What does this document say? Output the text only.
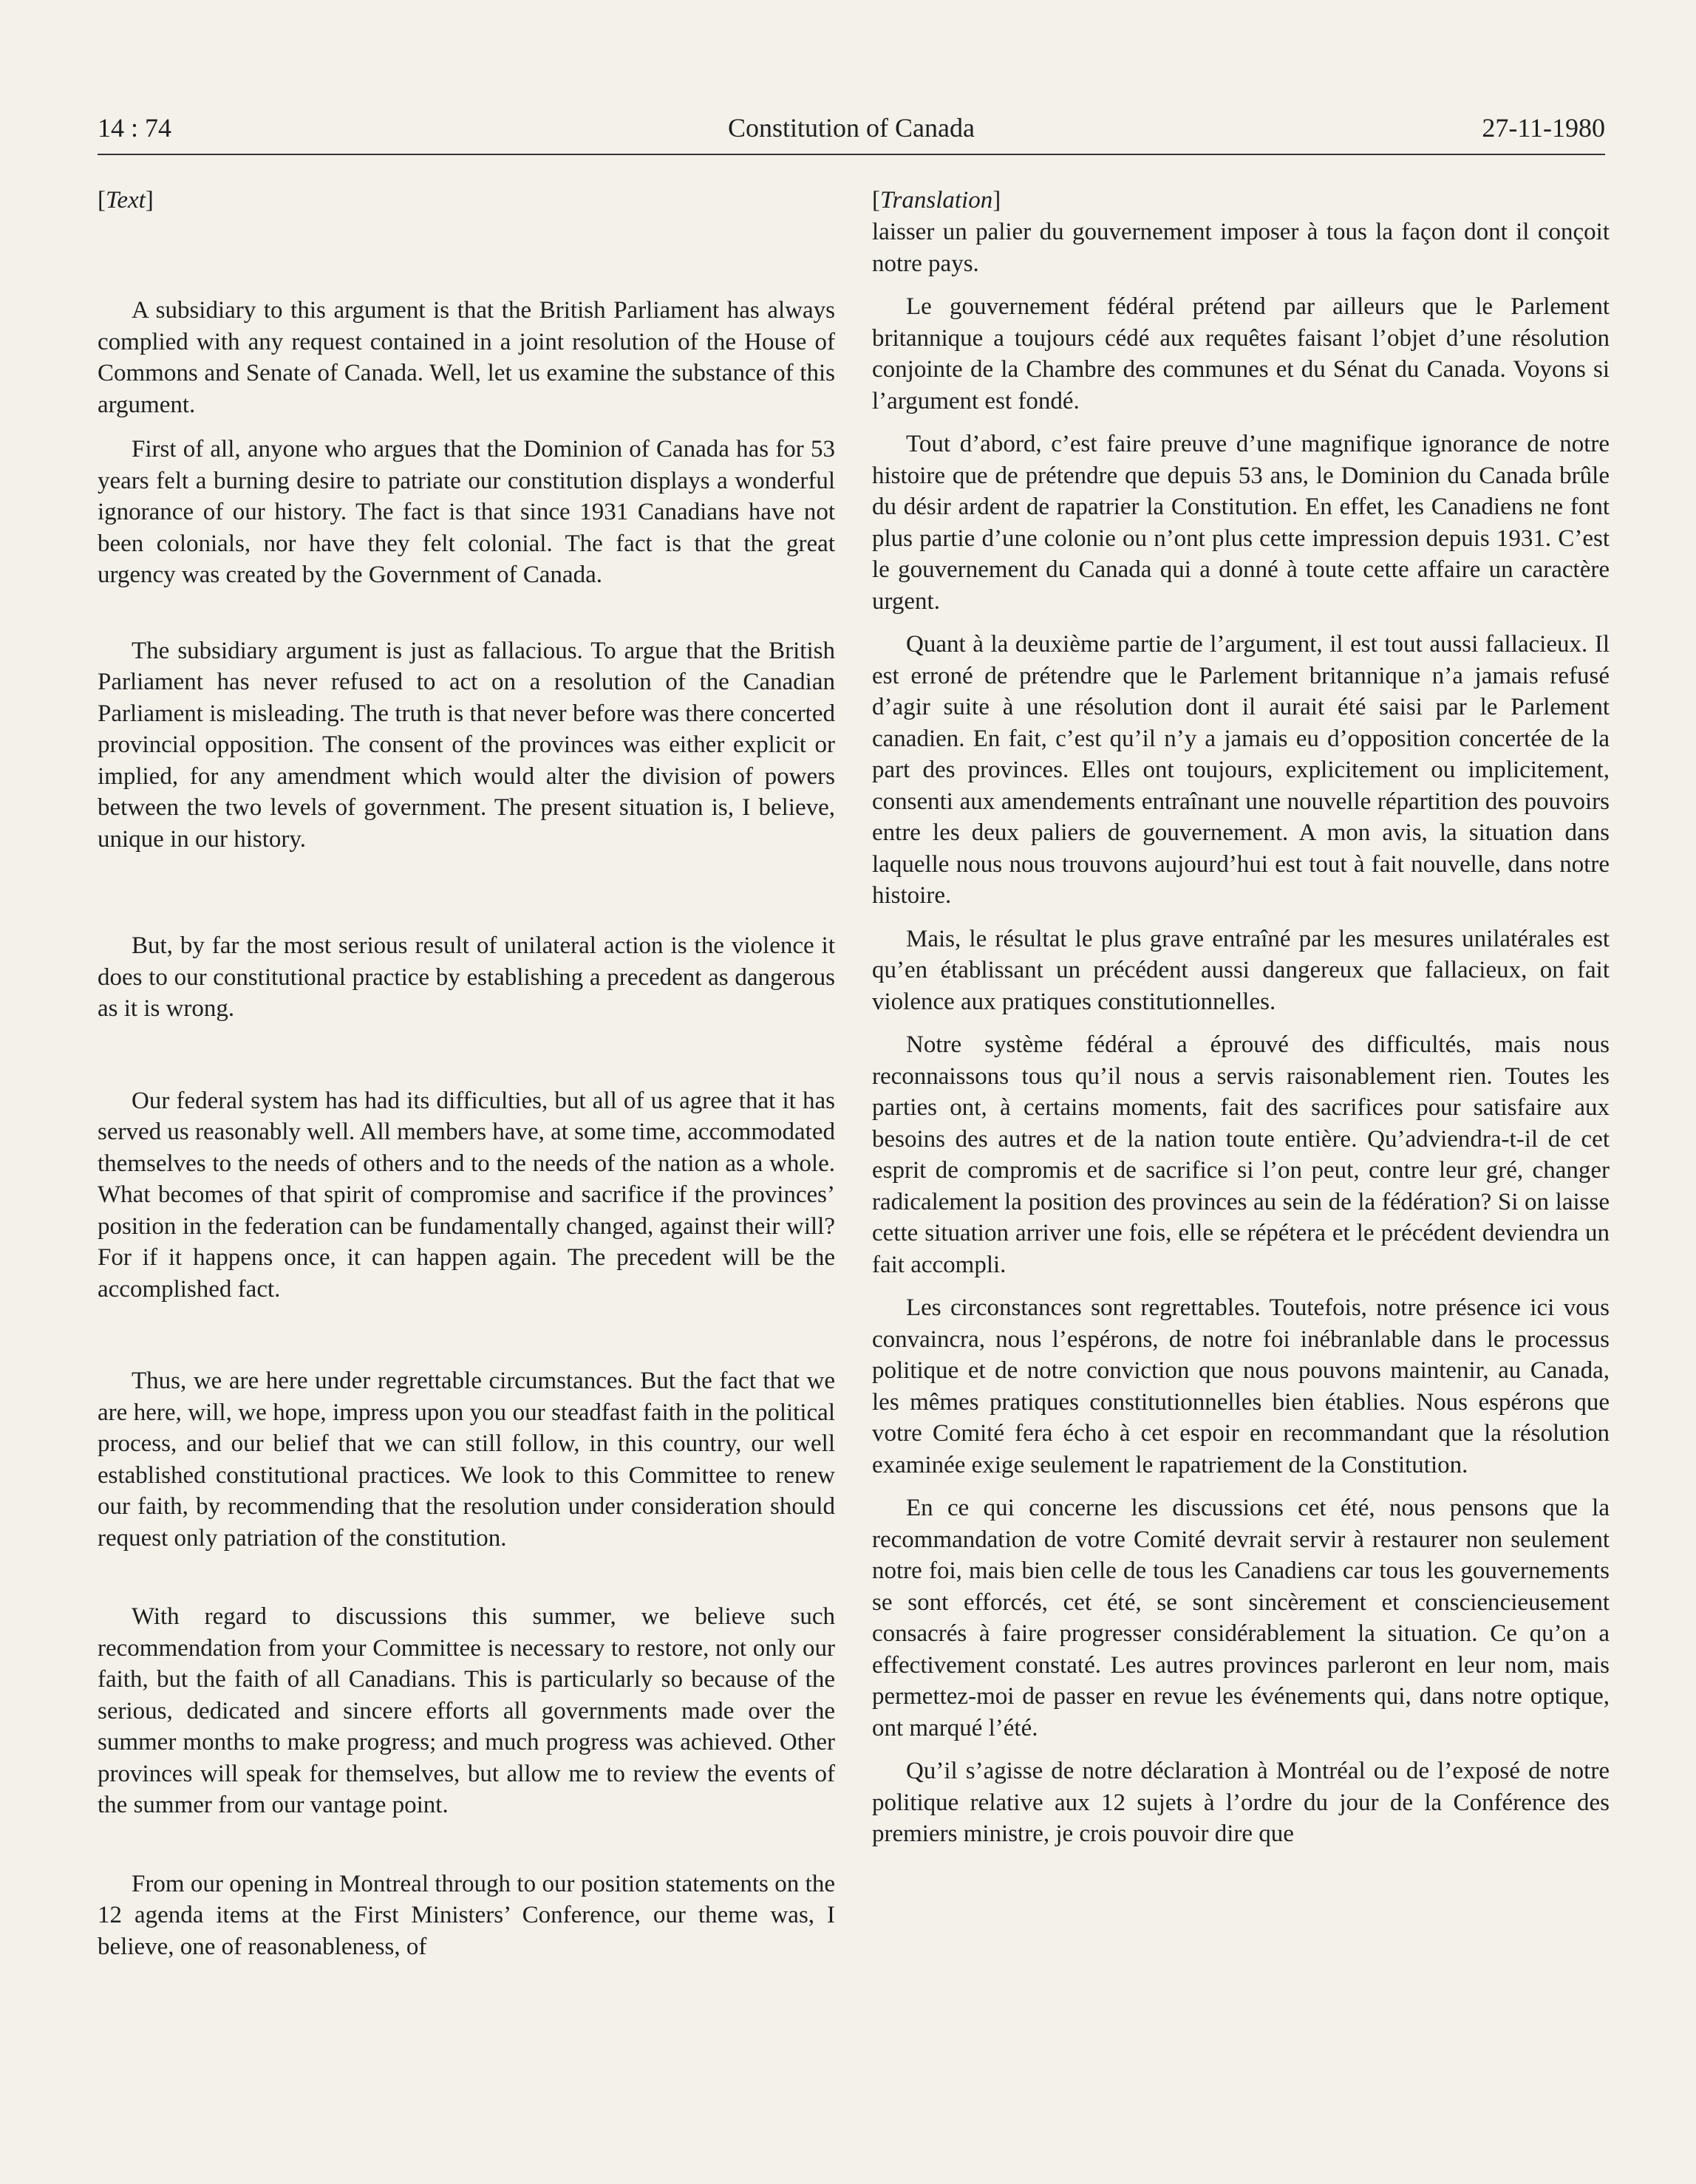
14 : 74	Constitution of Canada	27-11-1980
[Text]

A subsidiary to this argument is that the British Parliament has always complied with any request contained in a joint resolution of the House of Commons and Senate of Canada. Well, let us examine the substance of this argument.

First of all, anyone who argues that the Dominion of Canada has for 53 years felt a burning desire to patriate our constitution displays a wonderful ignorance of our history. The fact is that since 1931 Canadians have not been colonials, nor have they felt colonial. The fact is that the great urgency was created by the Government of Canada.

The subsidiary argument is just as fallacious. To argue that the British Parliament has never refused to act on a resolution of the Canadian Parliament is misleading. The truth is that never before was there concerted provincial opposition. The consent of the provinces was either explicit or implied, for any amendment which would alter the division of powers between the two levels of government. The present situation is, I believe, unique in our history.

But, by far the most serious result of unilateral action is the violence it does to our constitutional practice by establishing a precedent as dangerous as it is wrong.

Our federal system has had its difficulties, but all of us agree that it has served us reasonably well. All members have, at some time, accommodated themselves to the needs of others and to the needs of the nation as a whole. What becomes of that spirit of compromise and sacrifice if the provinces’ position in the federation can be fundamentally changed, against their will? For if it happens once, it can happen again. The precedent will be the accomplished fact.

Thus, we are here under regrettable circumstances. But the fact that we are here, will, we hope, impress upon you our steadfast faith in the political process, and our belief that we can still follow, in this country, our well established constitutional practices. We look to this Committee to renew our faith, by recommending that the resolution under consideration should request only patriation of the constitution.

With regard to discussions this summer, we believe such recommendation from your Committee is necessary to restore, not only our faith, but the faith of all Canadians. This is particularly so because of the serious, dedicated and sincere efforts all governments made over the summer months to make progress; and much progress was achieved. Other provinces will speak for themselves, but allow me to review the events of the summer from our vantage point.

From our opening in Montreal through to our position statements on the 12 agenda items at the First Ministers’ Conference, our theme was, I believe, one of reasonableness, of

[Translation]

laisser un palier du gouvernement imposer à tous la façon dont il conçoit notre pays.

Le gouvernement fédéral prétend par ailleurs que le Parlement britannique a toujours cédé aux requêtes faisant l’objet d’une résolution conjointe de la Chambre des communes et du Sénat du Canada. Voyons si l’argument est fondé.

Tout d’abord, c’est faire preuve d’une magnifique ignorance de notre histoire que de prétendre que depuis 53 ans, le Dominion du Canada brûle du désir ardent de rapatrier la Constitution. En effet, les Canadiens ne font plus partie d’une colonie ou n’ont plus cette impression depuis 1931. C’est le gouvernement du Canada qui a donné à toute cette affaire un caractère urgent.

Quant à la deuxième partie de l’argument, il est tout aussi fallacieux. Il est erroné de prétendre que le Parlement britannique n’a jamais refusé d’agir suite à une résolution dont il aurait été saisi par le Parlement canadien. En fait, c’est qu’il n’y a jamais eu d’opposition concertée de la part des provinces. Elles ont toujours, explicitement ou implicitement, consenti aux amendements entraînant une nouvelle répartition des pouvoirs entre les deux paliers de gouvernement. A mon avis, la situation dans laquelle nous nous trouvons aujourd’hui est tout à fait nouvelle, dans notre histoire.

Mais, le résultat le plus grave entraîné par les mesures unilatérales est qu’en établissant un précédent aussi dangereux que fallacieux, on fait violence aux pratiques constitutionnelles.

Notre système fédéral a éprouvé des difficultés, mais nous reconnaissons tous qu’il nous a servis raisonablement rien. Toutes les parties ont, à certains moments, fait des sacrifices pour satisfaire aux besoins des autres et de la nation toute entière. Qu’adviendra-t-il de cet esprit de compromis et de sacrifice si l’on peut, contre leur gré, changer radicalement la position des provinces au sein de la fédération? Si on laisse cette situation arriver une fois, elle se répétera et le précédent deviendra un fait accompli.

Les circonstances sont regrettables. Toutefois, notre présence ici vous convaincra, nous l’espérons, de notre foi inébranlable dans le processus politique et de notre conviction que nous pouvons maintenir, au Canada, les mêmes pratiques constitutionnelles bien établies. Nous espérons que votre Comité fera écho à cet espoir en recommandant que la résolution examinée exige seulement le rapatriement de la Constitution.

En ce qui concerne les discussions cet été, nous pensons que la recommandation de votre Comité devrait servir à restaurer non seulement notre foi, mais bien celle de tous les Canadiens car tous les gouvernements se sont efforcés, cet été, se sont sincèrement et consciencieusement consacrés à faire progresser considérablement la situation. Ce qu’on a effectivement constaté. Les autres provinces parleront en leur nom, mais permettez-moi de passer en revue les événements qui, dans notre optique, ont marqué l’été.

Qu’il s’agisse de notre déclaration à Montréal ou de l’exposé de notre politique relative aux 12 sujets à l’ordre du jour de la Conférence des premiers ministre, je crois pouvoir dire que
